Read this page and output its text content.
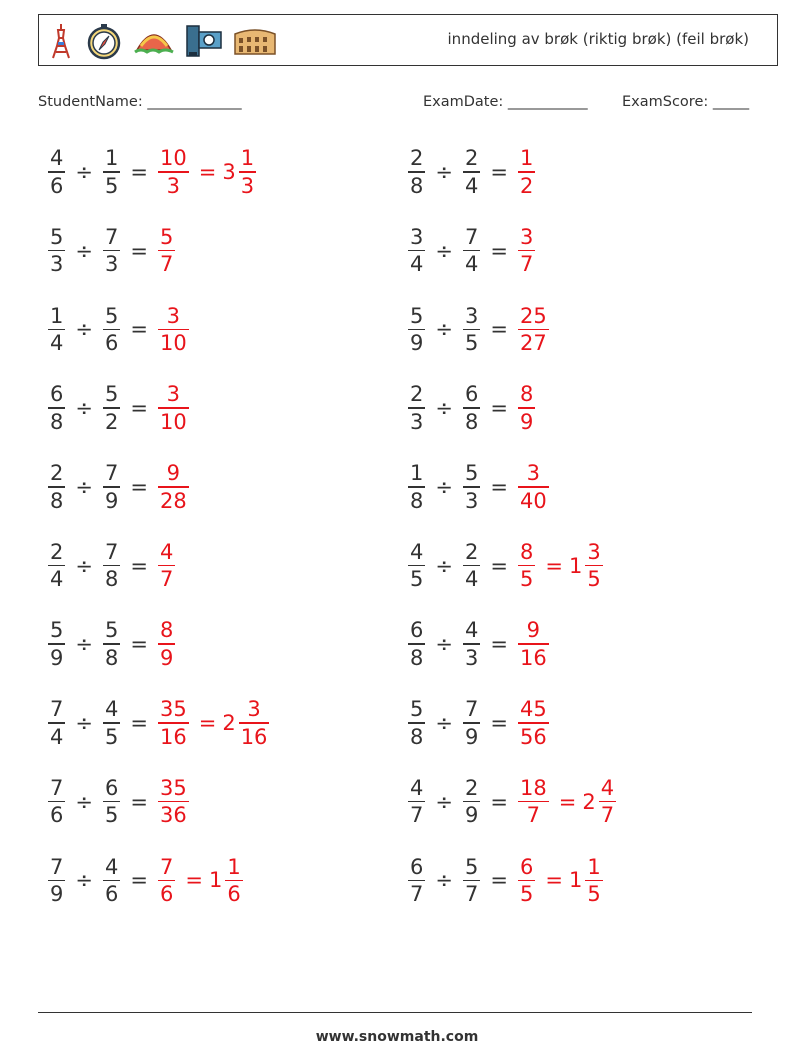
inndeling av brøk (riktig brøk) (feil brøk)
StudentName: _____________	ExamDate: ___________ ExamScore: _____
$\frac{4}{6} \div \frac{1}{5} = \frac{10}{3} = 3 \frac{1}{3}$	$\frac{2}{8} \div \frac{2}{4} = \frac{1}{2}$
$\frac{5}{3} \div \frac{7}{3} = \frac{5}{7}$	$\frac{3}{4} \div \frac{7}{4} = \frac{3}{7}$
$\frac{1}{4} \div \frac{5}{6} = \frac{3}{10}$	$\frac{5}{9} \div \frac{3}{5} = \frac{25}{27}$
$\frac{6}{8} \div \frac{5}{2} = \frac{3}{10}$	$\frac{2}{3} \div \frac{6}{8} = \frac{8}{9}$
$\frac{2}{8} \div \frac{7}{9} = \frac{9}{28}$	$\frac{1}{8} \div \frac{5}{3} = \frac{3}{40}$
$\frac{2}{4} \div \frac{7}{8} = \frac{4}{7}$	$\frac{4}{5} \div \frac{2}{4} = \frac{8}{5} = 1 \frac{3}{5}$
$\frac{5}{9} \div \frac{5}{8} = \frac{8}{9}$	$\frac{6}{8} \div \frac{4}{3} = \frac{9}{16}$
$\frac{7}{4} \div \frac{4}{5} = \frac{35}{16} = 2 \frac{3}{16}$	$\frac{5}{8} \div \frac{7}{9} = \frac{45}{56}$
$\frac{7}{6} \div \frac{6}{5} = \frac{35}{36}$	$\frac{4}{7} \div \frac{2}{9} = \frac{18}{7} = 2 \frac{4}{7}$
$\frac{7}{9} \div \frac{4}{6} = \frac{7}{6} = 1 \frac{1}{6}$	$\frac{6}{7} \div \frac{5}{7} = \frac{6}{5} = 1 \frac{1}{5}$
www.snowmath.com
